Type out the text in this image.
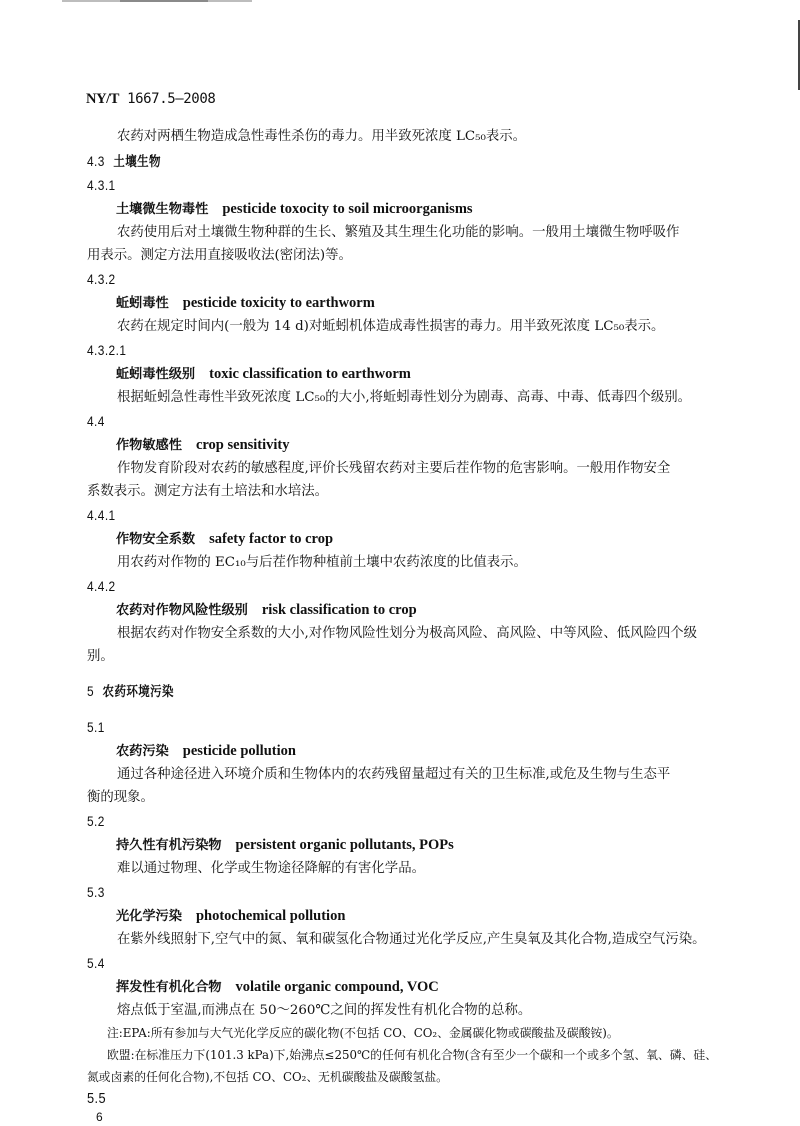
NY/T 1667.5—2008
农药对两栖生物造成急性毒性杀伤的毒力。用半致死浓度 LC₅₀表示。
4.3 土壤生物
4.3.1
土壤微生物毒性 pesticide toxocity to soil microorganisms
农药使用后对土壤微生物种群的生长、繁殖及其生理生化功能的影响。一般用土壤微生物呼吸作
用表示。测定方法用直接吸收法(密闭法)等。
4.3.2
蚯蚓毒性 pesticide toxicity to earthworm
农药在规定时间内(一般为 14 d)对蚯蚓机体造成毒性损害的毒力。用半致死浓度 LC₅₀表示。
4.3.2.1
蚯蚓毒性级别 toxic classification to earthworm
根据蚯蚓急性毒性半致死浓度 LC₅₀的大小,将蚯蚓毒性划分为剧毒、高毒、中毒、低毒四个级别。
4.4
作物敏感性 crop sensitivity
作物发育阶段对农药的敏感程度,评价长残留农药对主要后茬作物的危害影响。一般用作物安全
系数表示。测定方法有土培法和水培法。
4.4.1
作物安全系数 safety factor to crop
用农药对作物的 EC₁₀与后茬作物种植前土壤中农药浓度的比值表示。
4.4.2
农药对作物风险性级别 risk classification to crop
根据农药对作物安全系数的大小,对作物风险性划分为极高风险、高风险、中等风险、低风险四个级
别。
5 农药环境污染
5.1
农药污染 pesticide pollution
通过各种途径进入环境介质和生物体内的农药残留量超过有关的卫生标准,或危及生物与生态平
衡的现象。
5.2
持久性有机污染物 persistent organic pollutants, POPs
难以通过物理、化学或生物途径降解的有害化学品。
5.3
光化学污染 photochemical pollution
在紫外线照射下,空气中的氮、氧和碳氢化合物通过光化学反应,产生臭氧及其化合物,造成空气污染。
5.4
挥发性有机化合物 volatile organic compound, VOC
熔点低于室温,而沸点在 50～260℃之间的挥发性有机化合物的总称。
注:EPA:所有参加与大气光化学反应的碳化物(不包括 CO、CO₂、金属碳化物或碳酸盐及碳酸铵)。
欧盟:在标准压力下(101.3 kPa)下,始沸点≤250℃的任何有机化合物(含有至少一个碳和一个或多个氢、氧、磷、硅、
氮或卤素的任何化合物),不包括 CO、CO₂、无机碳酸盐及碳酸氢盐。
5.5
6
